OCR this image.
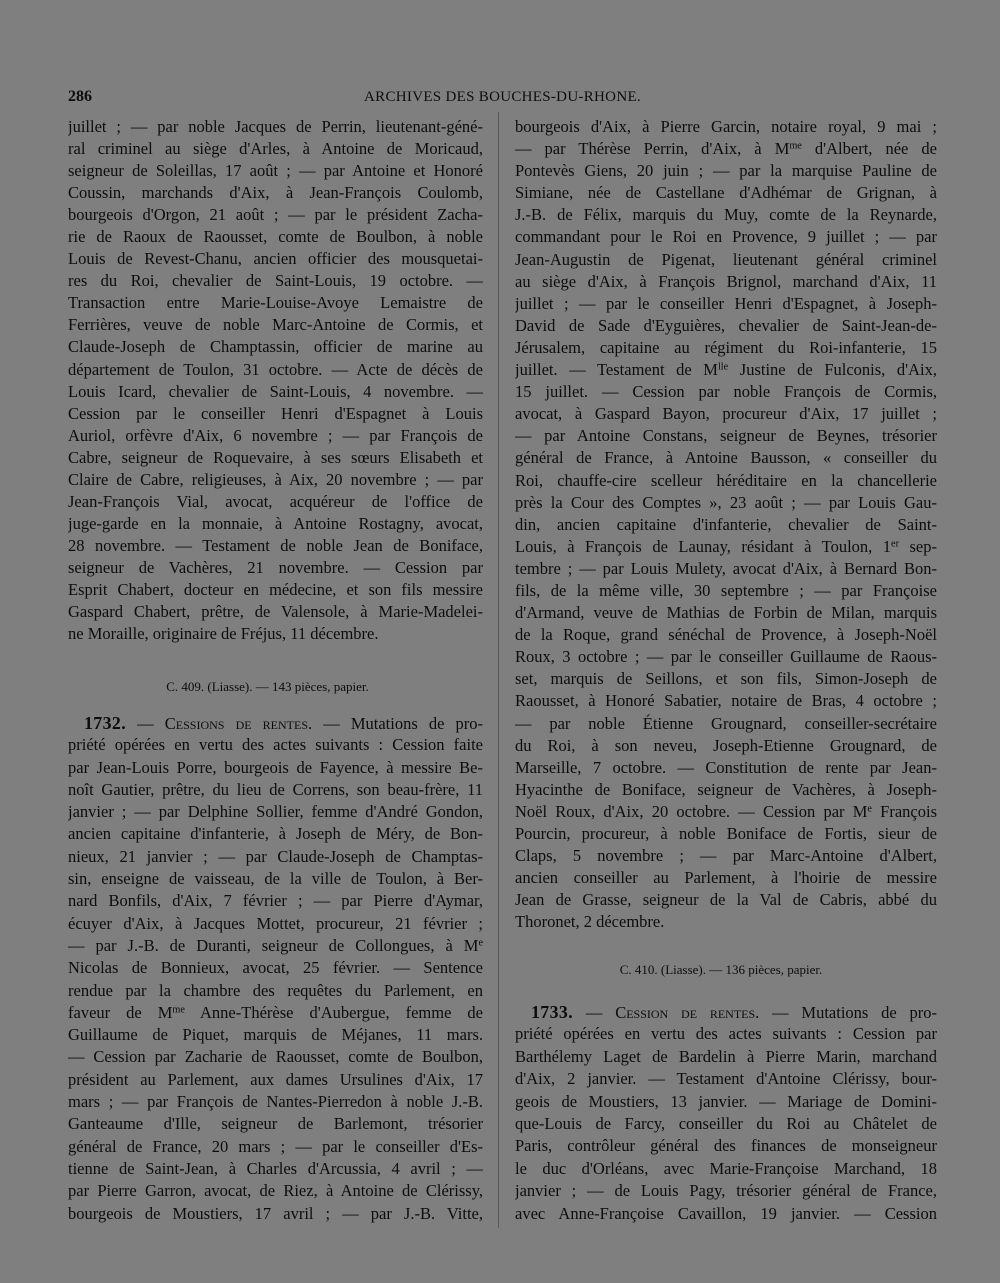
286	ARCHIVES DES BOUCHES-DU-RHONE.
juillet ; — par noble Jacques de Perrin, lieutenant-géné-
ral criminel au siège d'Arles, à Antoine de Moricaud,
seigneur de Soleillas, 17 août ; — par Antoine et Honoré
Coussin, marchands d'Aix, à Jean-François Coulomb,
bourgeois d'Orgon, 21 août ; — par le président Zacha-
rie de Raoux de Raousset, comte de Boulbon, à noble
Louis de Revest-Chanu, ancien officier des mousquetai-
res du Roi, chevalier de Saint-Louis, 19 octobre. —
Transaction entre Marie-Louise-Avoye Lemaistre de
Ferrières, veuve de noble Marc-Antoine de Cormis, et
Claude-Joseph de Champtassin, officier de marine au
département de Toulon, 31 octobre. — Acte de décès de
Louis Icard, chevalier de Saint-Louis, 4 novembre. —
Cession par le conseiller Henri d'Espagnet à Louis
Auriol, orfèvre d'Aix, 6 novembre ; — par François de
Cabre, seigneur de Roquevaire, à ses sœurs Elisabeth et
Claire de Cabre, religieuses, à Aix, 20 novembre ; — par
Jean-François Vial, avocat, acquéreur de l'office de
juge-garde en la monnaie, à Antoine Rostagny, avocat,
28 novembre. — Testament de noble Jean de Boniface,
seigneur de Vachères, 21 novembre. — Cession par
Esprit Chabert, docteur en médecine, et son fils messire
Gaspard Chabert, prêtre, de Valensole, à Marie-Madelei-
ne Moraille, originaire de Fréjus, 11 décembre.
C. 409. (Liasse). — 143 pièces, papier.
1732. — Cessions de rentes. — Mutations de pro-
priété opérées en vertu des actes suivants : Cession faite
par Jean-Louis Porre, bourgeois de Fayence, à messire Be-
noît Gautier, prêtre, du lieu de Correns, son beau-frère, 11
janvier ; — par Delphine Sollier, femme d'André Gondon,
ancien capitaine d'infanterie, à Joseph de Méry, de Bon-
nieux, 21 janvier ; — par Claude-Joseph de Champtas-
sin, enseigne de vaisseau, de la ville de Toulon, à Ber-
nard Bonfils, d'Aix, 7 février ; — par Pierre d'Aymar,
écuyer d'Aix, à Jacques Mottet, procureur, 21 février ;
— par J.-B. de Duranti, seigneur de Collongues, à Me
Nicolas de Bonnieux, avocat, 25 février. — Sentence
rendue par la chambre des requêtes du Parlement, en
faveur de $M^{me}$ Anne-Thérèse d'Aubergue, femme de
Guillaume de Piquet, marquis de Méjanes, 11 mars.
— Cession par Zacharie de Raousset, comte de Boulbon,
président au Parlement, aux dames Ursulines d'Aix, 17
mars ; — par François de Nantes-Pierredon à noble J.-B.
Ganteaume d'Ille, seigneur de Barlemont, trésorier
général de France, 20 mars ; — par le conseiller d'Es-
tienne de Saint-Jean, à Charles d'Arcussia, 4 avril ; —
par Pierre Garron, avocat, de Riez, à Antoine de Clérissy,
bourgeois de Moustiers, 17 avril ; — par J.-B. Vitte,
bourgeois d'Aix, à Pierre Garcin, notaire royal, 9 mai ;
— par Thérèse Perrin, d'Aix, à $M^{me}$ d'Albert, née de
Pontevès Giens, 20 juin ; — par la marquise Pauline de
Simiane, née de Castellane d'Adhémar de Grignan, à
J.-B. de Félix, marquis du Muy, comte de la Reynarde,
commandant pour le Roi en Provence, 9 juillet ; — par
Jean-Augustin de Pigenat, lieutenant général criminel
au siège d'Aix, à François Brignol, marchand d'Aix, 11
juillet ; — par le conseiller Henri d'Espagnet, à Joseph-
David de Sade d'Eyguières, chevalier de Saint-Jean-de-
Jérusalem, capitaine au régiment du Roi-infanterie, 15
juillet. — Testament de $M^{lle}$ Justine de Fulconis, d'Aix,
15 juillet. — Cession par noble François de Cormis,
avocat, à Gaspard Bayon, procureur d'Aix, 17 juillet ;
— par Antoine Constans, seigneur de Beynes, trésorier
général de France, à Antoine Bausson, « conseiller du
Roi, chauffe-cire scelleur héréditaire en la chancellerie
près la Cour des Comptes », 23 août ; — par Louis Gau-
din, ancien capitaine d'infanterie, chevalier de Saint-
Louis, à François de Launay, résidant à Toulon, 1er sep-
tembre ; — par Louis Mulety, avocat d'Aix, à Bernard Bon-
fils, de la même ville, 30 septembre ; — par Françoise
d'Armand, veuve de Mathias de Forbin de Milan, marquis
de la Roque, grand sénéchal de Provence, à Joseph-Noël
Roux, 3 octobre ; — par le conseiller Guillaume de Raous-
set, marquis de Seillons, et son fils, Simon-Joseph de
Raousset, à Honoré Sabatier, notaire de Bras, 4 octobre ;
— par noble Étienne Grougnard, conseiller-secrétaire
du Roi, à son neveu, Joseph-Etienne Grougnard, de
Marseille, 7 octobre. — Constitution de rente par Jean-
Hyacinthe de Boniface, seigneur de Vachères, à Joseph-
Noël Roux, d'Aix, 20 octobre. — Cession par Me François
Pourcin, procureur, à noble Boniface de Fortis, sieur de
Claps, 5 novembre ; — par Marc-Antoine d'Albert,
ancien conseiller au Parlement, à l'hoirie de messire
Jean de Grasse, seigneur de la Val de Cabris, abbé du
Thoronet, 2 décembre.
C. 410. (Liasse). — 136 pièces, papier.
1733. — Cession de rentes. — Mutations de pro-
priété opérées en vertu des actes suivants : Cession par
Barthélemy Laget de Bardelin à Pierre Marin, marchand
d'Aix, 2 janvier. — Testament d'Antoine Clérissy, bour-
geois de Moustiers, 13 janvier. — Mariage de Domini-
que-Louis de Farcy, conseiller du Roi au Châtelet de
Paris, contrôleur général des finances de monseigneur
le duc d'Orléans, avec Marie-Françoise Marchand, 18
janvier ; — de Louis Pagy, trésorier général de France,
avec Anne-Françoise Cavaillon, 19 janvier. — Cession
